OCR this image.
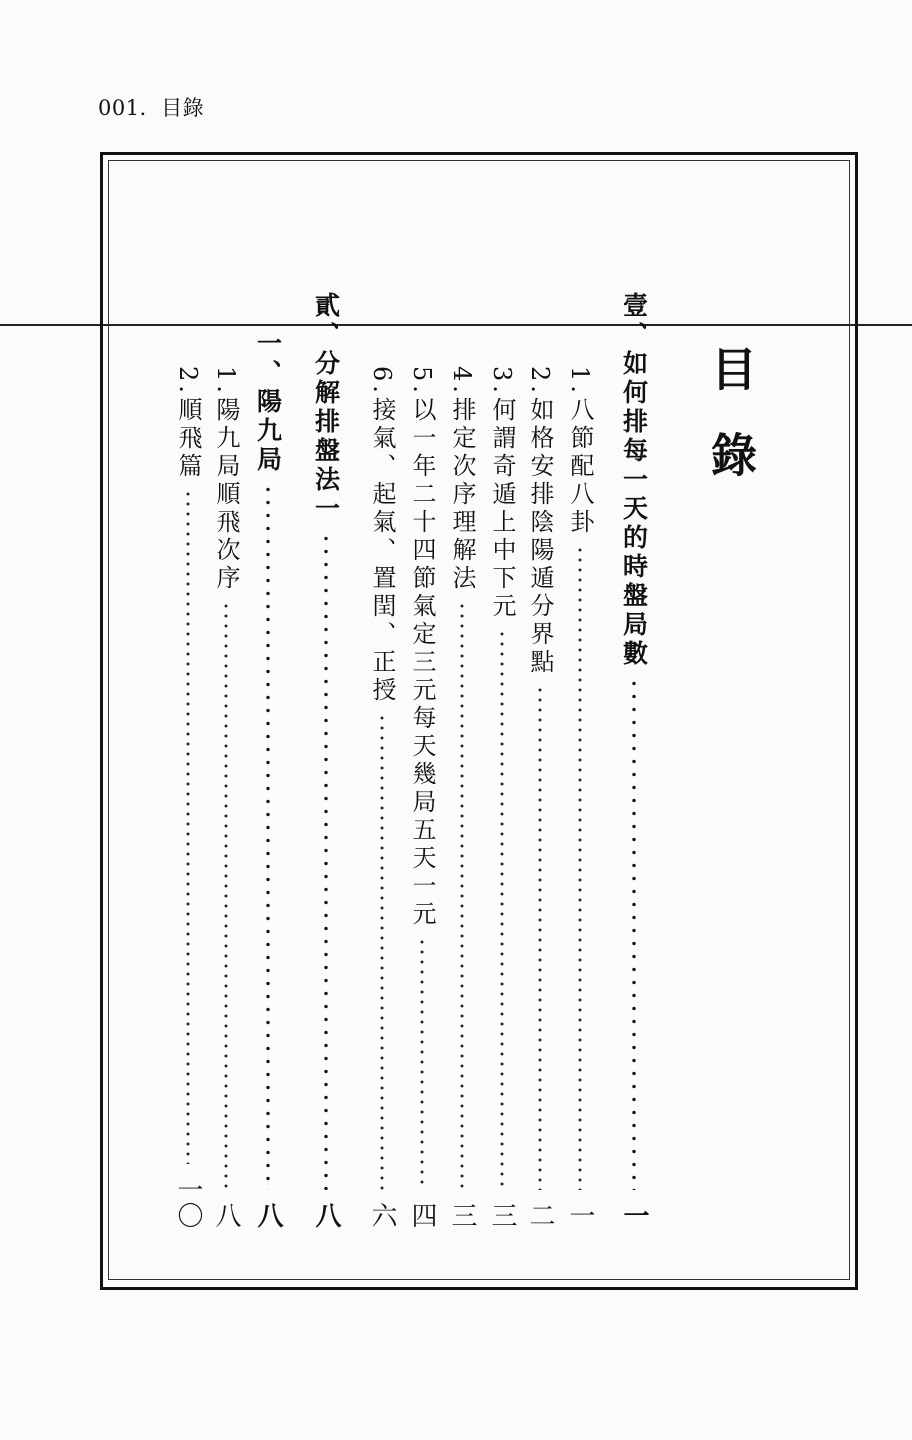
001．目錄
目錄
壹、如何排每一天的時盤局數
一
1.八節配八卦
一
2.如格安排陰陽遁分界點
二
3.何謂奇遁上中下元
三
4.排定次序理解法
三
5.以一年二十四節氣定三元每天幾局五天一元
四
6.接氣、起氣、置閏、正授
六
貳、分解排盤法一
八
一、陽九局
八
1.陽九局順飛次序
八
2.順飛篇
一〇
